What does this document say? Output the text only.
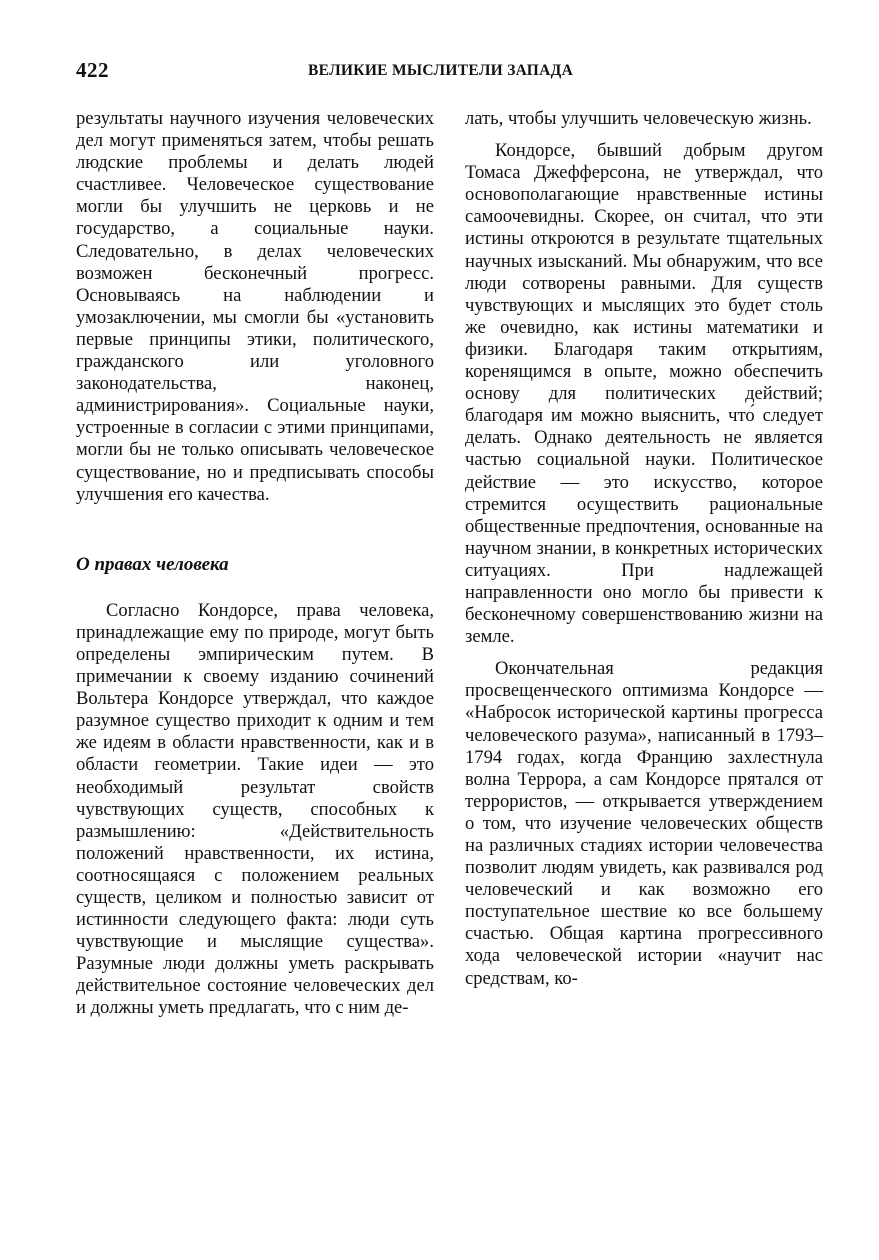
422	ВЕЛИКИЕ МЫСЛИТЕЛИ ЗАПАДА

результаты научного изучения человеческих дел могут применяться затем, чтобы решать людские проблемы и делать людей счастливее. Человеческое существование могли бы улучшить не церковь и не государство, а социальные науки. Следовательно, в делах человеческих возможен бесконечный прогресс. Основываясь на наблюдении и умозаключении, мы смогли бы «установить первые принципы этики, политического, гражданского или уголовного законодательства, наконец, администрирования». Социальные науки, устроенные в согласии с этими принципами, могли бы не только описывать человеческое существование, но и предписывать способы улучшения его качества.

О правах человека

Согласно Кондорсе, права человека, принадлежащие ему по природе, могут быть определены эмпирическим путем. В примечании к своему изданию сочинений Вольтера Кондорсе утверждал, что каждое разумное существо приходит к одним и тем же идеям в области нравственности, как и в области геометрии. Такие идеи — это необходимый результат свойств чувствующих существ, способных к размышлению: «Действительность положений нравственности, их истина, соотносящаяся с положением реальных существ, целиком и полностью зависит от истинности следующего факта: люди суть чувствующие и мыслящие существа». Разумные люди должны уметь раскрывать действительное состояние человеческих дел и должны уметь предлагать, что с ним де-

лать, чтобы улучшить человеческую жизнь.

Кондорсе, бывший добрым другом Томаса Джефферсона, не утверждал, что основополагающие нравственные истины самоочевидны. Скорее, он считал, что эти истины откроются в результате тщательных научных изысканий. Мы обнаружим, что все люди сотворены равными. Для существ чувствующих и мыслящих это будет столь же очевидно, как истины математики и физики. Благодаря таким открытиям, коренящимся в опыте, можно обеспечить основу для политических действий; благодаря им можно выяснить, что́ следует делать. Однако деятельность не является частью социальной науки. Политическое действие — это искусство, которое стремится осуществить рациональные общественные предпочтения, основанные на научном знании, в конкретных исторических ситуациях. При надлежащей направленности оно могло бы привести к бесконечному совершенствованию жизни на земле.

Окончательная редакция просвещенческого оптимизма Кондорсе — «Набросок исторической картины прогресса человеческого разума», написанный в 1793–1794 годах, когда Францию захлестнула волна Террора, а сам Кондорсе прятался от террористов, — открывается утверждением о том, что изучение человеческих обществ на различных стадиях истории человечества позволит людям увидеть, как развивался род человеческий и как возможно его поступательное шествие ко все большему счастью. Общая картина прогрессивного хода человеческой истории «научит нас средствам, ко-
